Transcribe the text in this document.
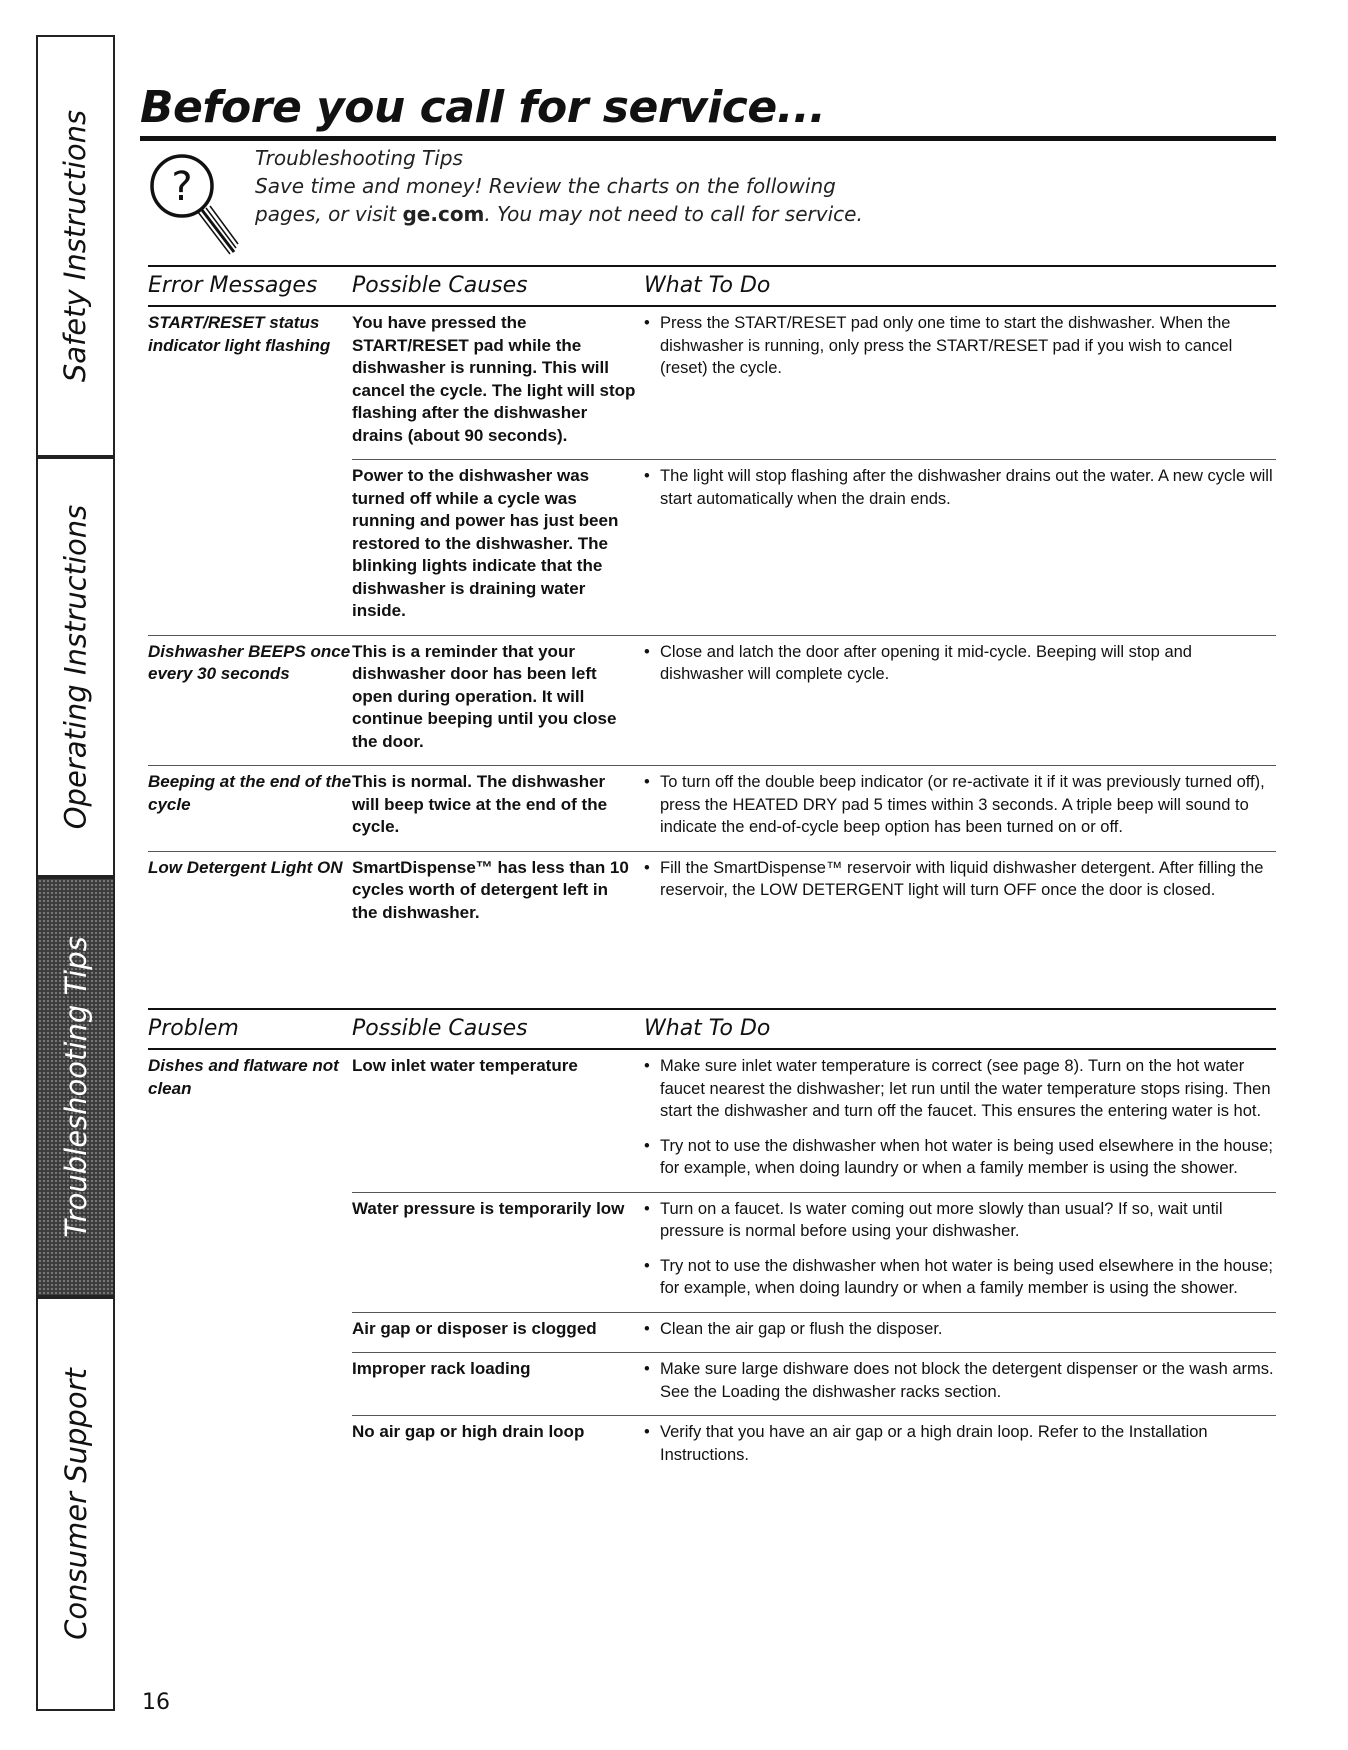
Safety Instructions
Operating Instructions
Troubleshooting Tips
Consumer Support
Before you call for service...
?
Troubleshooting Tips
Save time and money! Review the charts on the following
pages, or visit ge.com. You may not need to call for service.
Error Messages	Possible Causes	What To Do
START/RESET status indicator light flashing	You have pressed the START/RESET pad while the dishwasher is running. This will cancel the cycle. The light will stop flashing after the dishwasher drains (about 90 seconds).	• Press the START/RESET pad only one time to start the dishwasher. When the dishwasher is running, only press the START/RESET pad if you wish to cancel (reset) the cycle.

	Power to the dishwasher was turned off while a cycle was running and power has just been restored to the dishwasher. The blinking lights indicate that the dishwasher is draining water inside.	• The light will stop flashing after the dishwasher drains out the water. A new cycle will start automatically when the drain ends.

Dishwasher BEEPS once every 30 seconds	This is a reminder that your dishwasher door has been left open during operation. It will continue beeping until you close the door.	• Close and latch the door after opening it mid-cycle. Beeping will stop and dishwasher will complete cycle.

Beeping at the end of the cycle	This is normal. The dishwasher will beep twice at the end of the cycle.	• To turn off the double beep indicator (or re-activate it if it was previously turned off), press the HEATED DRY pad 5 times within 3 seconds. A triple beep will sound to indicate the end-of-cycle beep option has been turned on or off.

Low Detergent Light ON	SmartDispense™ has less than 10 cycles worth of detergent left in the dishwasher.	• Fill the SmartDispense™ reservoir with liquid dishwasher detergent. After filling the reservoir, the LOW DETERGENT light will turn OFF once the door is closed.
Problem	Possible Causes	What To Do
Dishes and flatware not clean	Low inlet water temperature	• Make sure inlet water temperature is correct (see page 8). Turn on the hot water faucet nearest the dishwasher; let run until the water temperature stops rising. Then start the dishwasher and turn off the faucet. This ensures the entering water is hot.
• Try not to use the dishwasher when hot water is being used elsewhere in the house; for example, when doing laundry or when a family member is using the shower.

	Water pressure is temporarily low	• Turn on a faucet. Is water coming out more slowly than usual? If so, wait until pressure is normal before using your dishwasher.
• Try not to use the dishwasher when hot water is being used elsewhere in the house; for example, when doing laundry or when a family member is using the shower.

	Air gap or disposer is clogged	• Clean the air gap or flush the disposer.

	Improper rack loading	• Make sure large dishware does not block the detergent dispenser or the wash arms. See the Loading the dishwasher racks section.

	No air gap or high drain loop	• Verify that you have an air gap or a high drain loop. Refer to the Installation Instructions.
16
